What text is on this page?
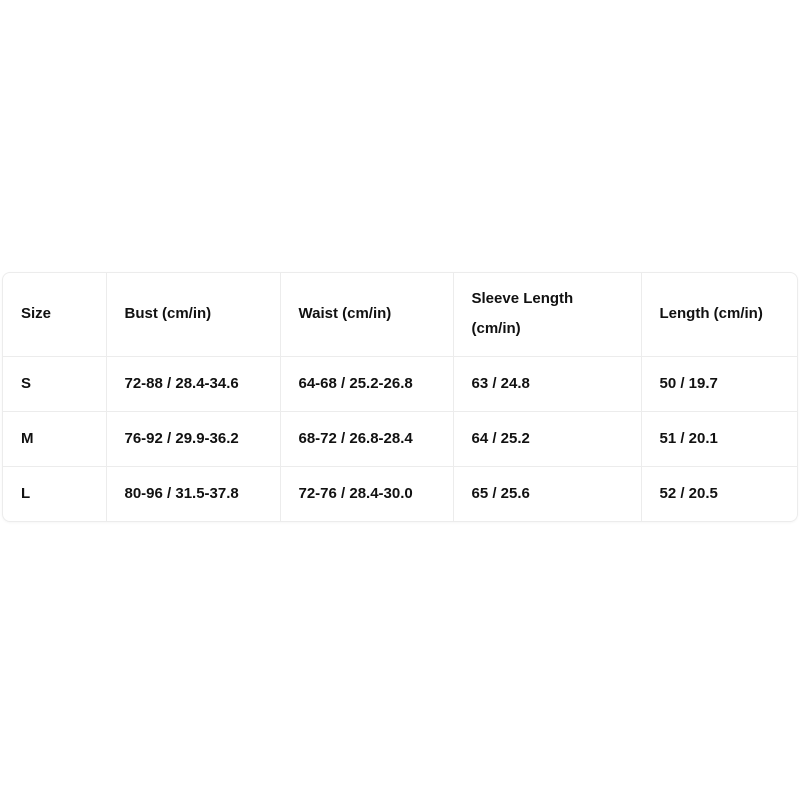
Size	Bust (cm/in)	Waist (cm/in)	Sleeve Length (cm/in)	Length (cm/in)
S	72-88 / 28.4-34.6	64-68 / 25.2-26.8	63 / 24.8	50 / 19.7
M	76-92 / 29.9-36.2	68-72 / 26.8-28.4	64 / 25.2	51 / 20.1
L	80-96 / 31.5-37.8	72-76 / 28.4-30.0	65 / 25.6	52 / 20.5
